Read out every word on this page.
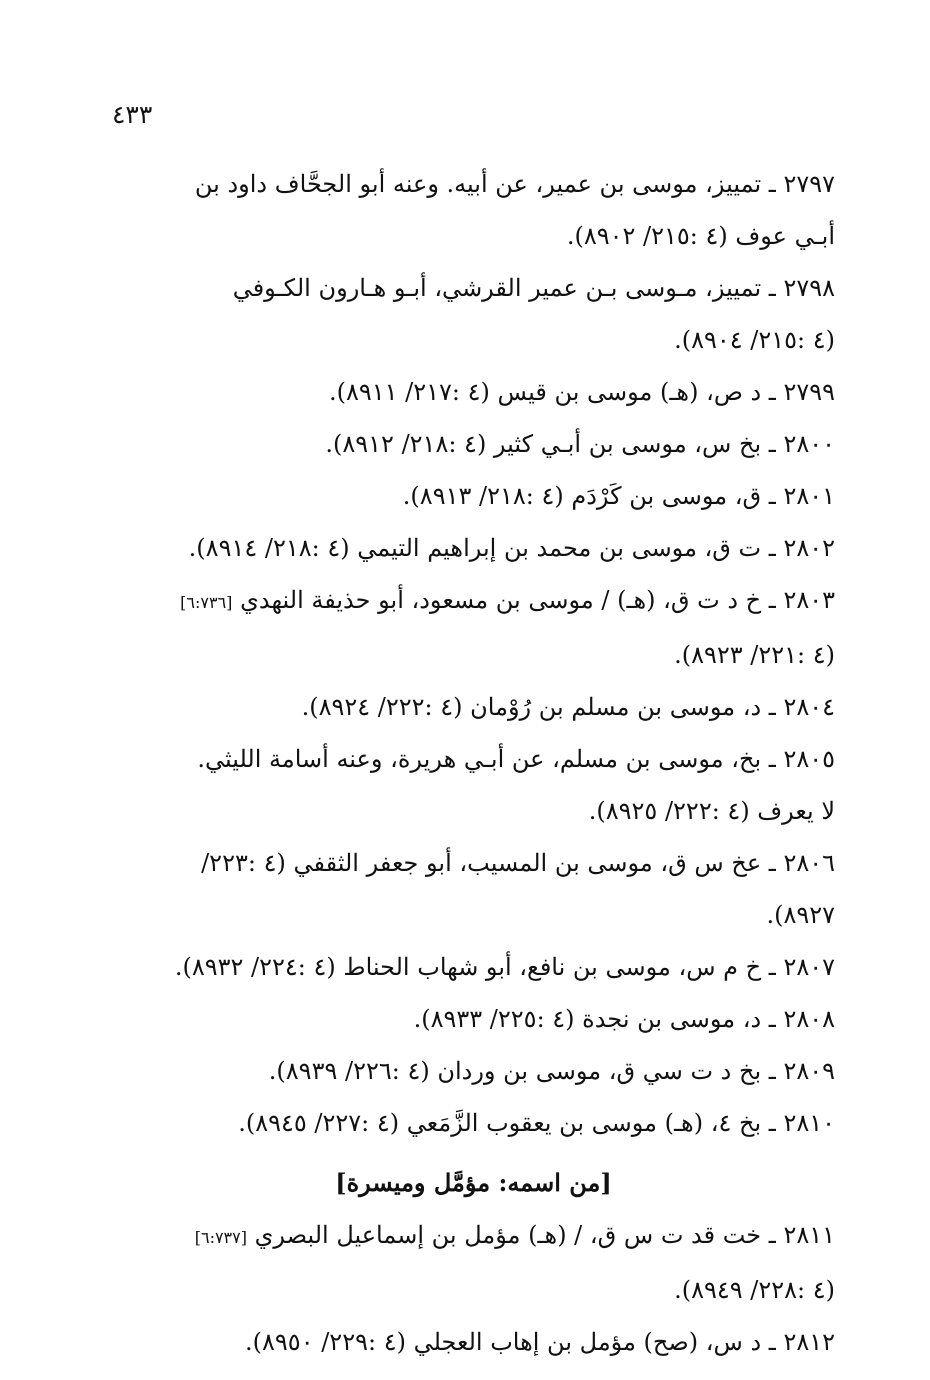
٤٣٣

٢٧٩٧ ـ تمييز، موسى بن عمير، عن أبيه. وعنه أبو الجحَّاف داود بن
أبـي عوف (٤ :٢١٥/ ٨٩٠٢).

٢٧٩٨ ـ تمييز، مـوسى بـن عمير القرشي، أبـو هـارون الكـوفي
(٤ :٢١٥/ ٨٩٠٤).

٢٧٩٩ ـ د ص، (هـ) موسى بن قيس (٤ :٢١٧/ ٨٩١١).

٢٨٠٠ ـ بخ س، موسى بن أبـي كثير (٤ :٢١٨/ ٨٩١٢).

٢٨٠١ ـ ق، موسى بن كَرْدَم (٤ :٢١٨/ ٨٩١٣).

٢٨٠٢ ـ ت ق، موسى بن محمد بن إبراهيم التيمي (٤ :٢١٨/ ٨٩١٤).

٢٨٠٣ ـ خ د ت ق، (هـ) / موسى بن مسعود، أبو حذيفة النهدي [٦:٧٣٦]
(٤ :٢٢١/ ٨٩٢٣).

٢٨٠٤ ـ د، موسى بن مسلم بن رُوْمان (٤ :٢٢٢/ ٨٩٢٤).

٢٨٠٥ ـ بخ، موسى بن مسلم، عن أبـي هريرة، وعنه أسامة الليثي.
لا يعرف (٤ :٢٢٢/ ٨٩٢٥).

٢٨٠٦ ـ عخ س ق، موسى بن المسيب، أبو جعفر الثقفي (٤ :٢٢٣/
٨٩٢٧).

٢٨٠٧ ـ خ م س، موسى بن نافع، أبو شهاب الحناط (٤ :٢٢٤/ ٨٩٣٢).

٢٨٠٨ ـ د، موسى بن نجدة (٤ :٢٢٥/ ٨٩٣٣).

٢٨٠٩ ـ بخ د ت سي ق، موسى بن وردان (٤ :٢٢٦/ ٨٩٣٩).

٢٨١٠ ـ بخ ٤، (هـ) موسى بن يعقوب الزَّمَعي (٤ :٢٢٧/ ٨٩٤٥).

[من اسمه: مؤمَّل وميسرة]

٢٨١١ ـ خت قد ت س ق، / (هـ) مؤمل بن إسماعيل البصري [٦:٧٣٧]
(٤ :٢٢٨/ ٨٩٤٩).

٢٨١٢ ـ د س، (صح) مؤمل بن إهاب العجلي (٤ :٢٢٩/ ٨٩٥٠).
